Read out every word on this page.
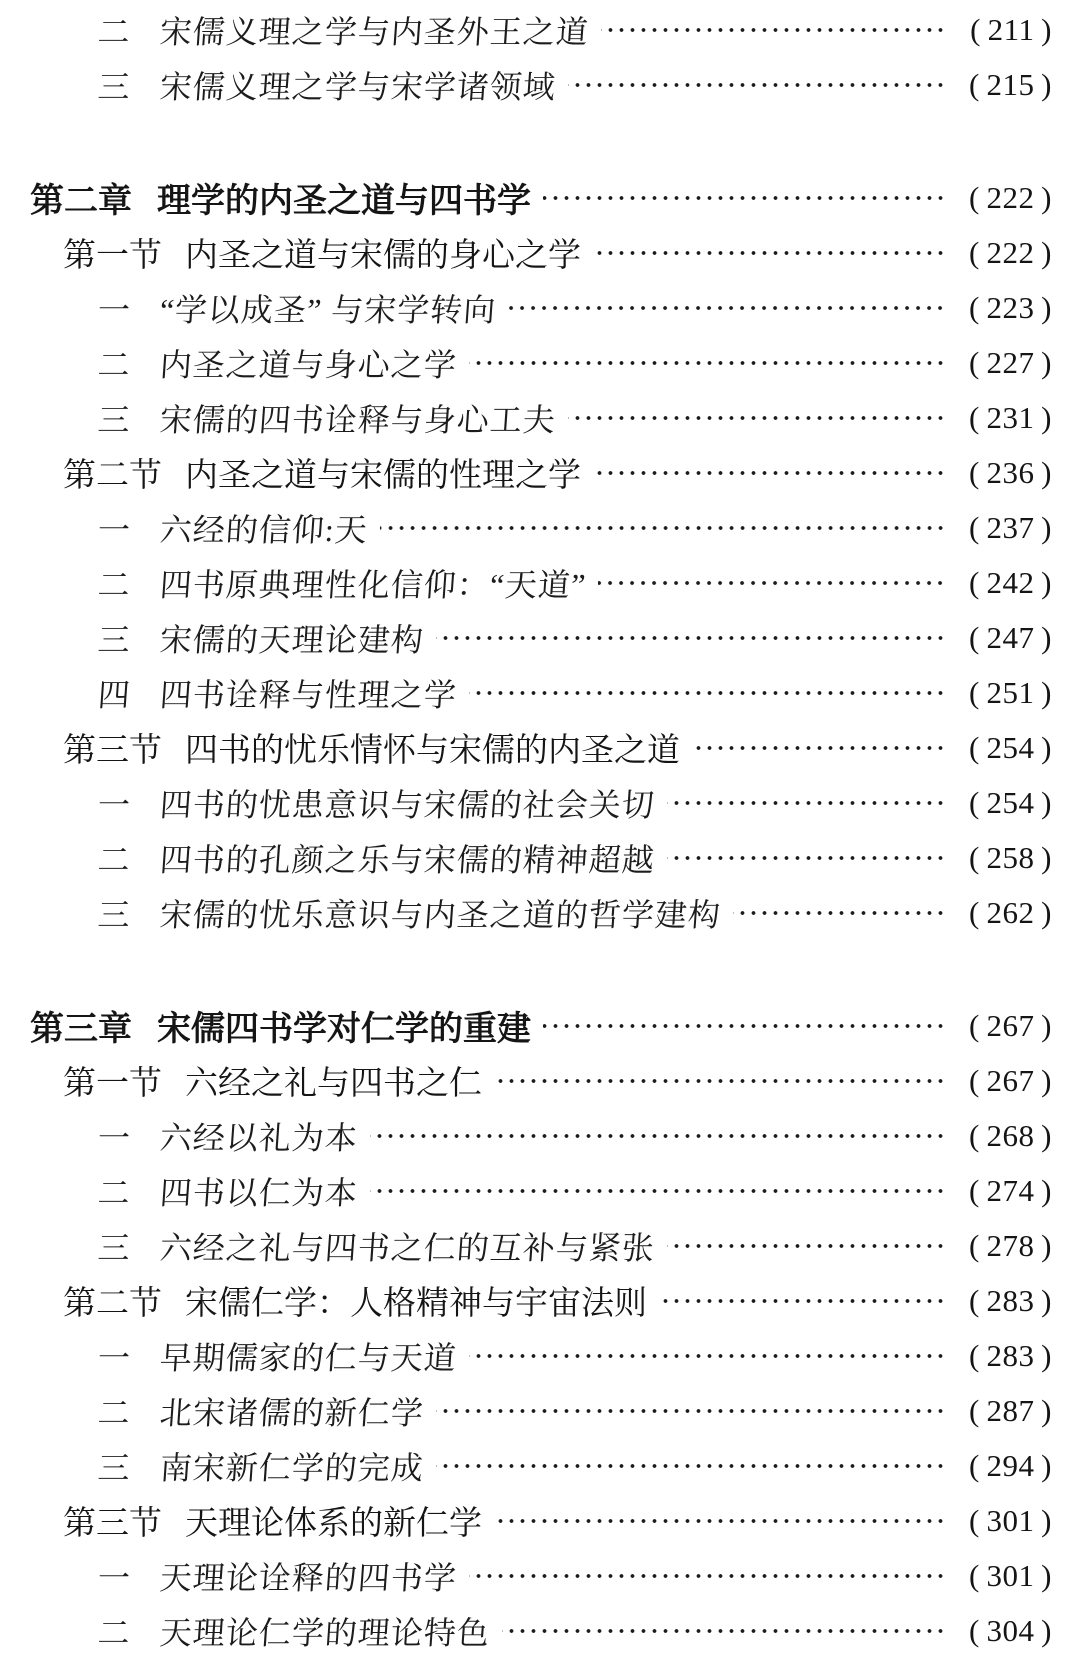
二 宋儒义理之学与内圣外王之道	( 211 )
三 宋儒义理之学与宋学诸领域	( 215 )
第二章 理学的内圣之道与四书学	( 222 )
第一节 内圣之道与宋儒的身心之学	( 222 )
一 “学以成圣” 与宋学转向	( 223 )
二 内圣之道与身心之学	( 227 )
三 宋儒的四书诠释与身心工夫	( 231 )
第二节 内圣之道与宋儒的性理之学	( 236 )
一 六经的信仰:天	( 237 )
二 四书原典理性化信仰：“天道”	( 242 )
三 宋儒的天理论建构	( 247 )
四 四书诠释与性理之学	( 251 )
第三节 四书的忧乐情怀与宋儒的内圣之道	( 254 )
一 四书的忧患意识与宋儒的社会关切	( 254 )
二 四书的孔颜之乐与宋儒的精神超越	( 258 )
三 宋儒的忧乐意识与内圣之道的哲学建构	( 262 )
第三章 宋儒四书学对仁学的重建	( 267 )
第一节 六经之礼与四书之仁	( 267 )
一 六经以礼为本	( 268 )
二 四书以仁为本	( 274 )
三 六经之礼与四书之仁的互补与紧张	( 278 )
第二节 宋儒仁学：人格精神与宇宙法则	( 283 )
一 早期儒家的仁与天道	( 283 )
二 北宋诸儒的新仁学	( 287 )
三 南宋新仁学的完成	( 294 )
第三节 天理论体系的新仁学	( 301 )
一 天理论诠释的四书学	( 301 )
二 天理论仁学的理论特色	( 304 )
